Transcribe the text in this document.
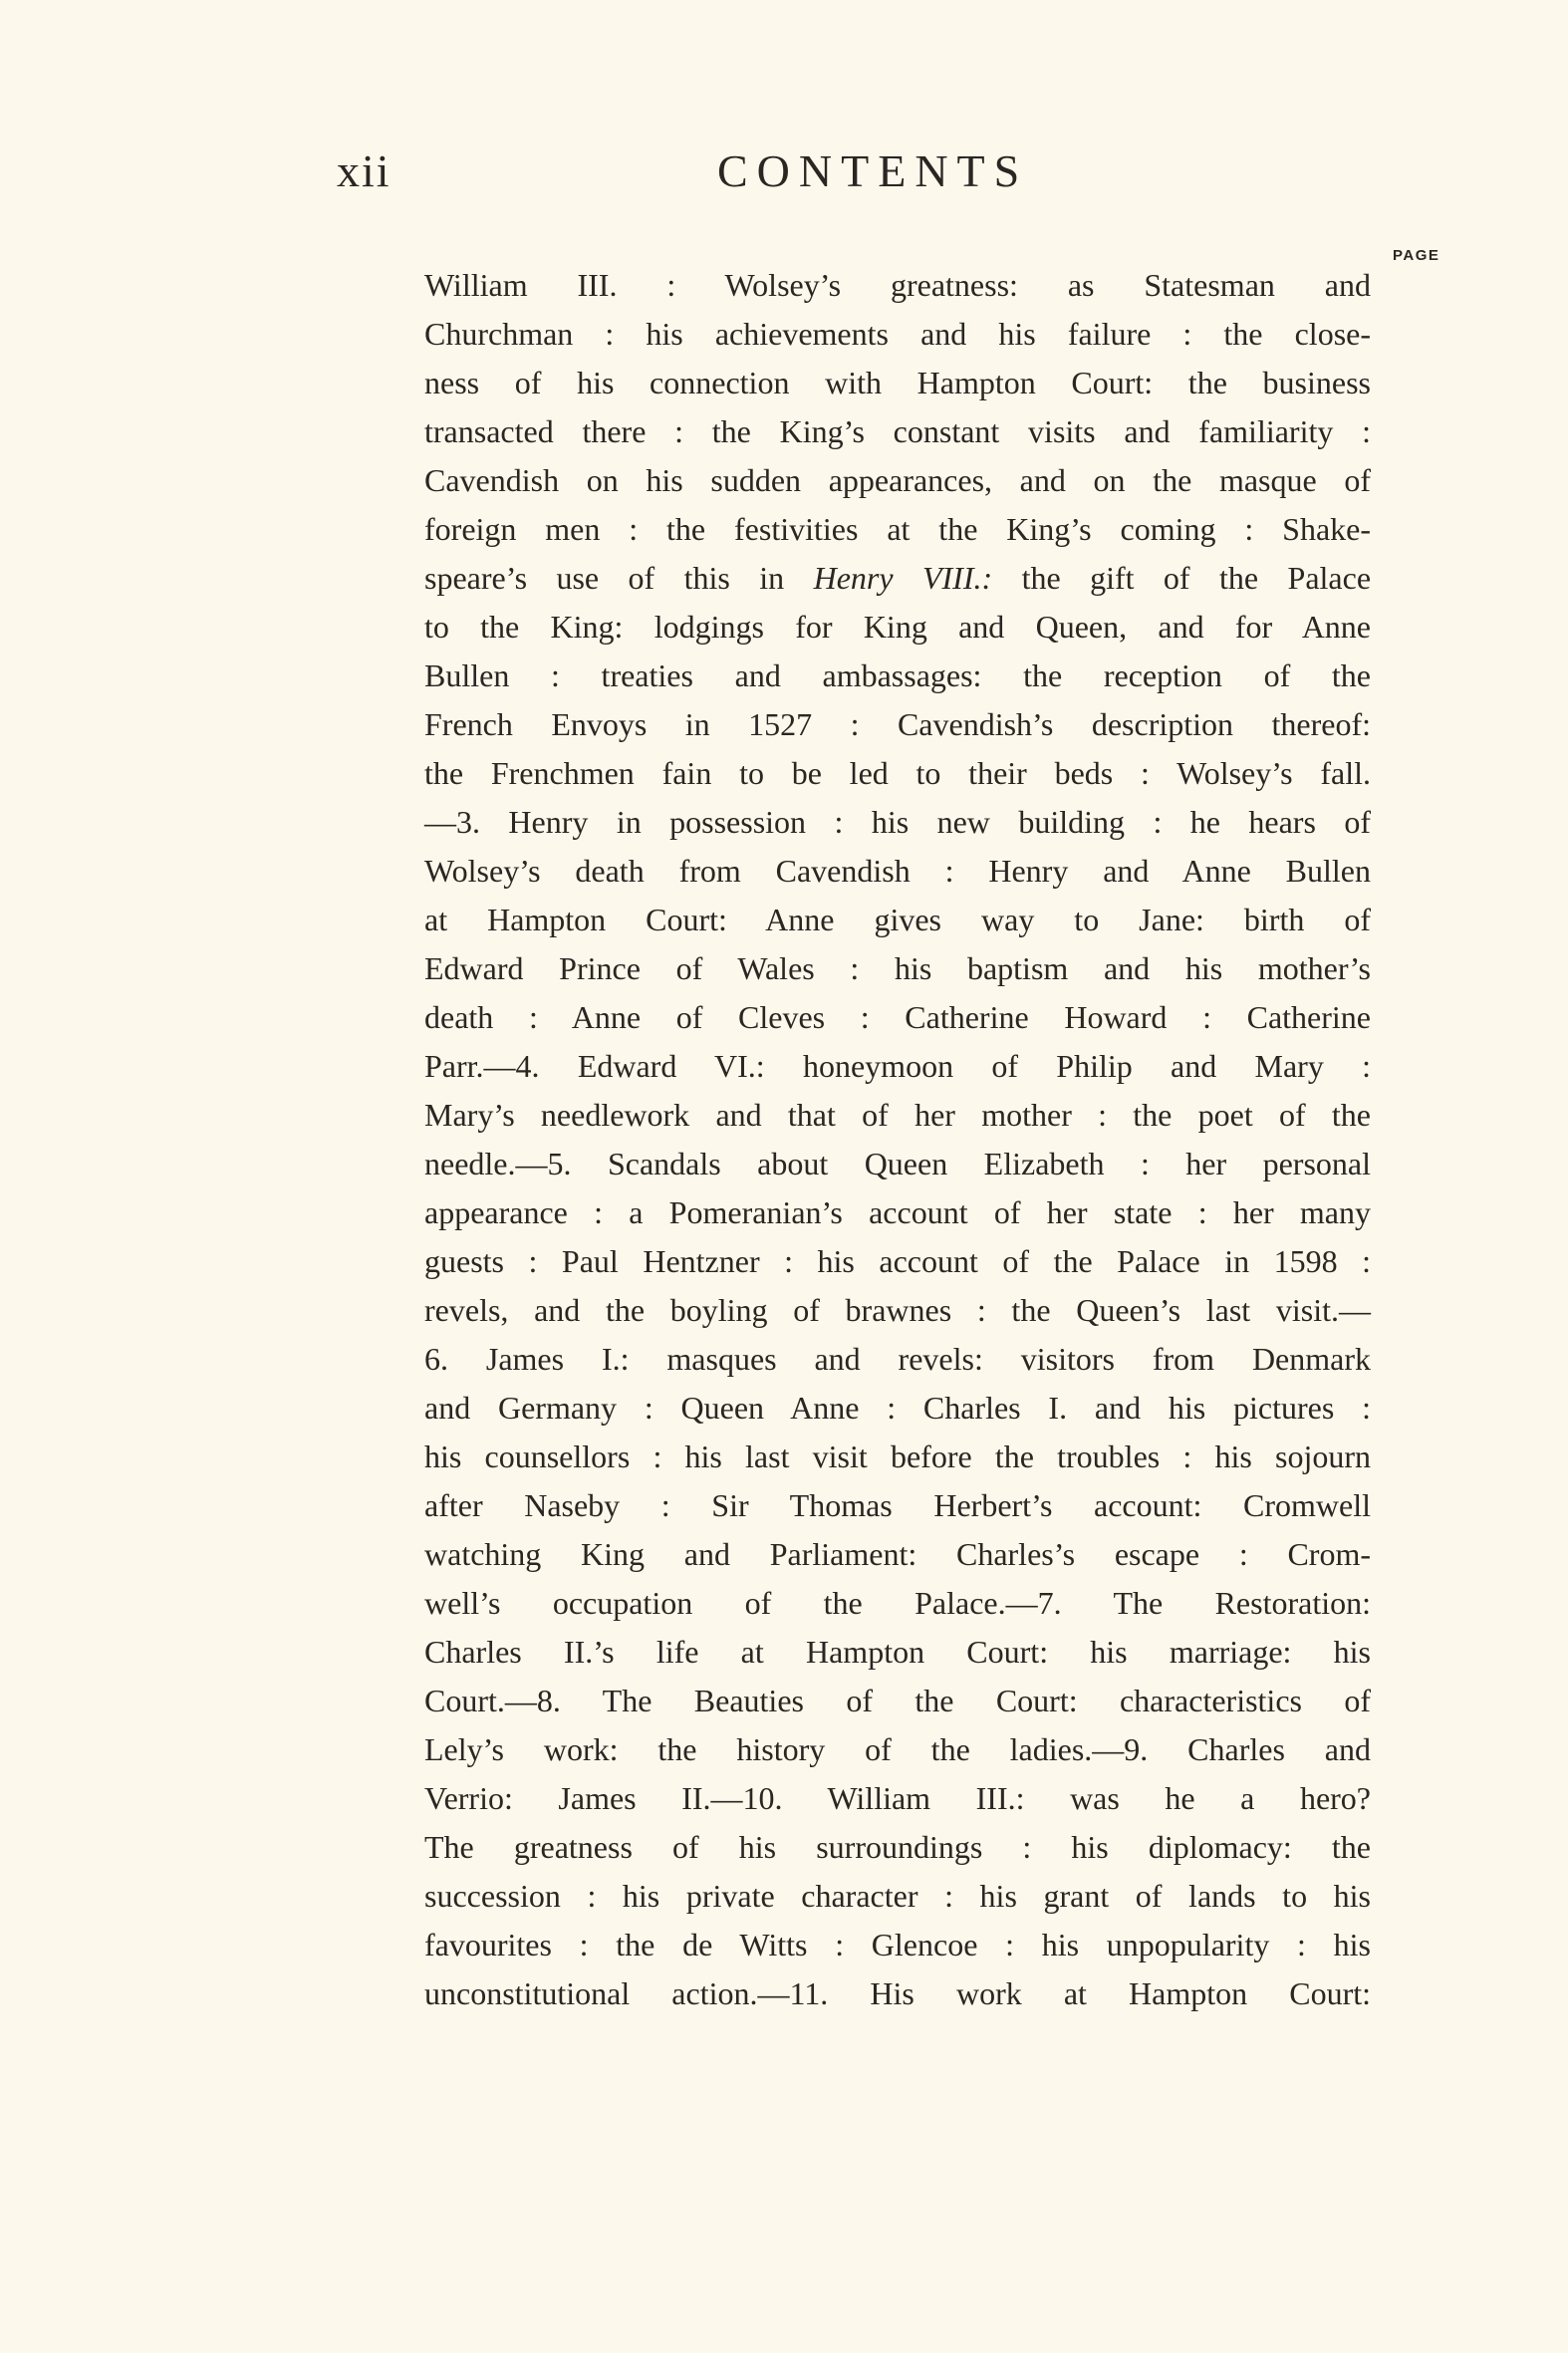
xii	CONTENTS
PAGE
William III. : Wolsey’s greatness: as Statesman and
Churchman : his achievements and his failure : the close-
ness of his connection with Hampton Court: the business
transacted there : the King’s constant visits and familiarity :
Cavendish on his sudden appearances, and on the masque of
foreign men : the festivities at the King’s coming : Shake-
speare’s use of this in Henry VIII.: the gift of the Palace
to the King: lodgings for King and Queen, and for Anne
Bullen : treaties and ambassages: the reception of the
French Envoys in 1527 : Cavendish’s description thereof:
the Frenchmen fain to be led to their beds : Wolsey’s fall.
—3. Henry in possession : his new building : he hears of
Wolsey’s death from Cavendish : Henry and Anne Bullen
at Hampton Court: Anne gives way to Jane: birth of
Edward Prince of Wales : his baptism and his mother’s
death : Anne of Cleves : Catherine Howard : Catherine
Parr.—4. Edward VI.: honeymoon of Philip and Mary :
Mary’s needlework and that of her mother : the poet of the
needle.—5. Scandals about Queen Elizabeth : her personal
appearance : a Pomeranian’s account of her state : her many
guests : Paul Hentzner : his account of the Palace in 1598 :
revels, and the boyling of brawnes : the Queen’s last visit.—
6. James I.: masques and revels: visitors from Denmark
and Germany : Queen Anne : Charles I. and his pictures :
his counsellors : his last visit before the troubles : his sojourn
after Naseby : Sir Thomas Herbert’s account: Cromwell
watching King and Parliament: Charles’s escape : Crom-
well’s occupation of the Palace.—7. The Restoration:
Charles II.’s life at Hampton Court: his marriage: his
Court.—8. The Beauties of the Court: characteristics of
Lely’s work: the history of the ladies.—9. Charles and
Verrio: James II.—10. William III.: was he a hero?
The greatness of his surroundings : his diplomacy: the
succession : his private character : his grant of lands to his
favourites : the de Witts : Glencoe : his unpopularity : his
unconstitutional action.—11. His work at Hampton Court:
